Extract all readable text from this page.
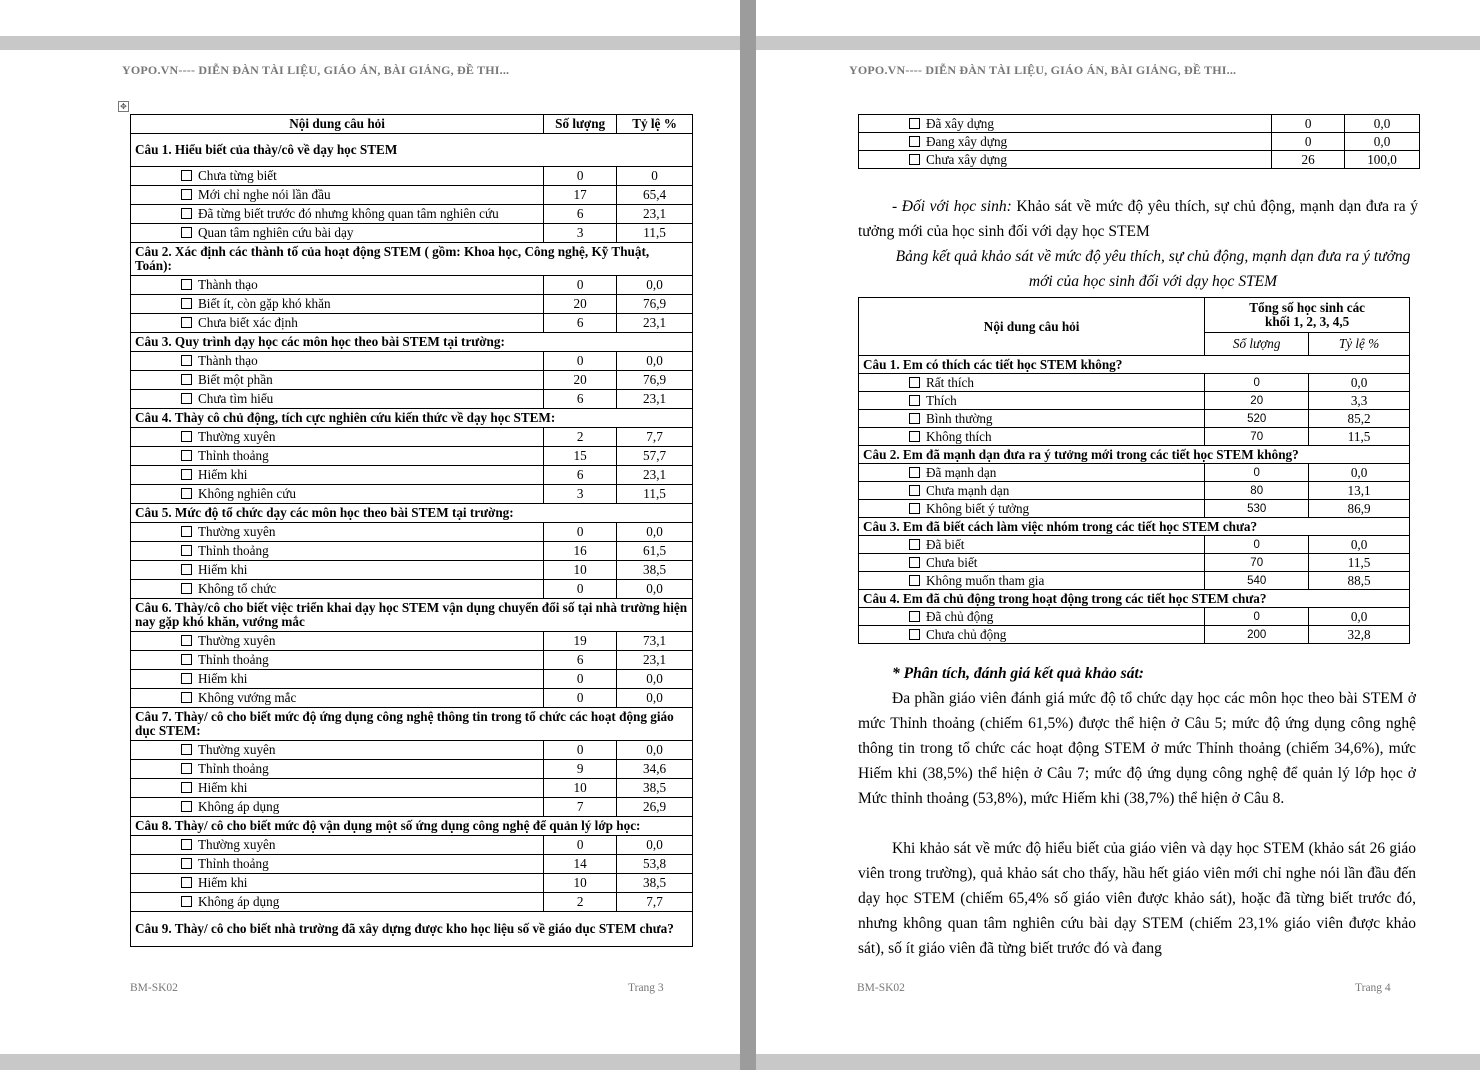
YOPO.VN---- DIỄN ĐÀN TÀI LIỆU, GIÁO ÁN, BÀI GIẢNG, ĐỀ THI...
✥
Nội dung câu hỏi	Số lượng	Tỷ lệ %
Câu 1. Hiểu biết của thày/cô về dạy học STEM		
Chưa từng biết	0	0
Mới chỉ nghe nói lần đầu	17	65,4
Đã từng biết trước đó nhưng không quan tâm nghiên cứu	6	23,1
Quan tâm nghiên cứu bài dạy	3	11,5
Câu 2. Xác định các thành tố của hoạt động STEM ( gồm: Khoa học, Công nghệ, Kỹ Thuật, Toán):		
Thành thạo	0	0,0
Biết ít, còn gặp khó khăn	20	76,9
Chưa biết xác định	6	23,1
Câu 3. Quy trình dạy học các môn học theo bài STEM tại trường:		
Thành thạo	0	0,0
Biết một phần	20	76,9
Chưa tìm hiểu	6	23,1
Câu 4. Thày cô chủ động, tích cực nghiên cứu kiến thức về dạy học STEM:		
Thường xuyên	2	7,7
Thỉnh thoảng	15	57,7
Hiếm khi	6	23,1
Không nghiên cứu	3	11,5
Câu 5. Mức độ tổ chức dạy các môn học theo bài STEM tại trường:		
Thường xuyên	0	0,0
Thỉnh thoảng	16	61,5
Hiếm khi	10	38,5
Không tổ chức	0	0,0
Câu 6. Thày/cô cho biết việc triển khai dạy học STEM vận dụng chuyển đổi số tại nhà trường hiện nay gặp khó khăn, vướng mắc		
Thường xuyên	19	73,1
Thỉnh thoảng	6	23,1
Hiếm khi	0	0,0
Không vướng mắc	0	0,0
Câu 7. Thày/ cô cho biết mức độ ứng dụng công nghệ thông tin trong tổ chức các hoạt động giáo dục STEM:		
Thường xuyên	0	0,0
Thỉnh thoảng	9	34,6
Hiếm khi	10	38,5
Không áp dụng	7	26,9
Câu 8. Thày/ cô cho biết mức độ vận dụng một số ứng dụng công nghệ để quản lý lớp học:		
Thường xuyên	0	0,0
Thỉnh thoảng	14	53,8
Hiếm khi	10	38,5
Không áp dụng	2	7,7
Câu 9. Thày/ cô cho biết nhà trường đã xây dựng được kho học liệu số về giáo dục STEM chưa?		
BM-SK02	Trang 3
YOPO.VN---- DIỄN ĐÀN TÀI LIỆU, GIÁO ÁN, BÀI GIẢNG, ĐỀ THI...
Đã xây dựng	0	0,0
Đang xây dựng	0	0,0
Chưa xây dựng	26	100,0
- Đối với học sinh: Khảo sát về mức độ yêu thích, sự chủ động, mạnh dạn đưa ra ý tưởng mới của học sinh đối với dạy học STEM
Bảng kết quả khảo sát về mức độ yêu thích, sự chủ động, mạnh dạn đưa ra ý tưởng mới của học sinh đối với dạy học STEM
Nội dung câu hỏi	Tổng số học sinh các khối 1, 2, 3, 4,5	
	Số lượng	Tỷ lệ %
Câu 1. Em có thích các tiết học STEM không?		
Rất thích	0	0,0
Thích	20	3,3
Bình thường	520	85,2
Không thích	70	11,5
Câu 2. Em đã mạnh dạn đưa ra ý tưởng mới trong các tiết học STEM không?		
Đã mạnh dạn	0	0,0
Chưa mạnh dạn	80	13,1
Không biết ý tưởng	530	86,9
Câu 3. Em đã biết cách làm việc nhóm trong các tiết học STEM chưa?		
Đã biết	0	0,0
Chưa biết	70	11,5
Không muốn tham gia	540	88,5
Câu 4. Em đã chủ động trong hoạt động trong các tiết học STEM chưa?		
Đã chủ động	0	0,0
Chưa chủ động	200	32,8
* Phân tích, đánh giá kết quả khảo sát:
Đa phần giáo viên đánh giá mức độ tổ chức dạy học các môn học theo bài STEM ở mức Thỉnh thoảng (chiếm 61,5%) được thể hiện ở Câu 5; mức độ ứng dụng công nghệ thông tin trong tổ chức các hoạt động STEM ở mức Thỉnh thoảng (chiếm 34,6%), mức Hiếm khi (38,5%) thể hiện ở Câu 7; mức độ ứng dụng công nghệ để quản lý lớp học ở Mức thỉnh thoảng (53,8%), mức Hiếm khi (38,7%) thể hiện ở Câu 8.
Khi khảo sát về mức độ hiểu biết của giáo viên và dạy học STEM (khảo sát 26 giáo viên trong trường), quả khảo sát cho thấy, hầu hết giáo viên mới chỉ nghe nói lần đầu đến dạy học STEM (chiếm 65,4% số giáo viên được khảo sát), hoặc đã từng biết trước đó, nhưng không quan tâm nghiên cứu bài dạy STEM (chiếm 23,1% giáo viên được khảo sát), số ít giáo viên đã từng biết trước đó và đang
BM-SK02	Trang 4
